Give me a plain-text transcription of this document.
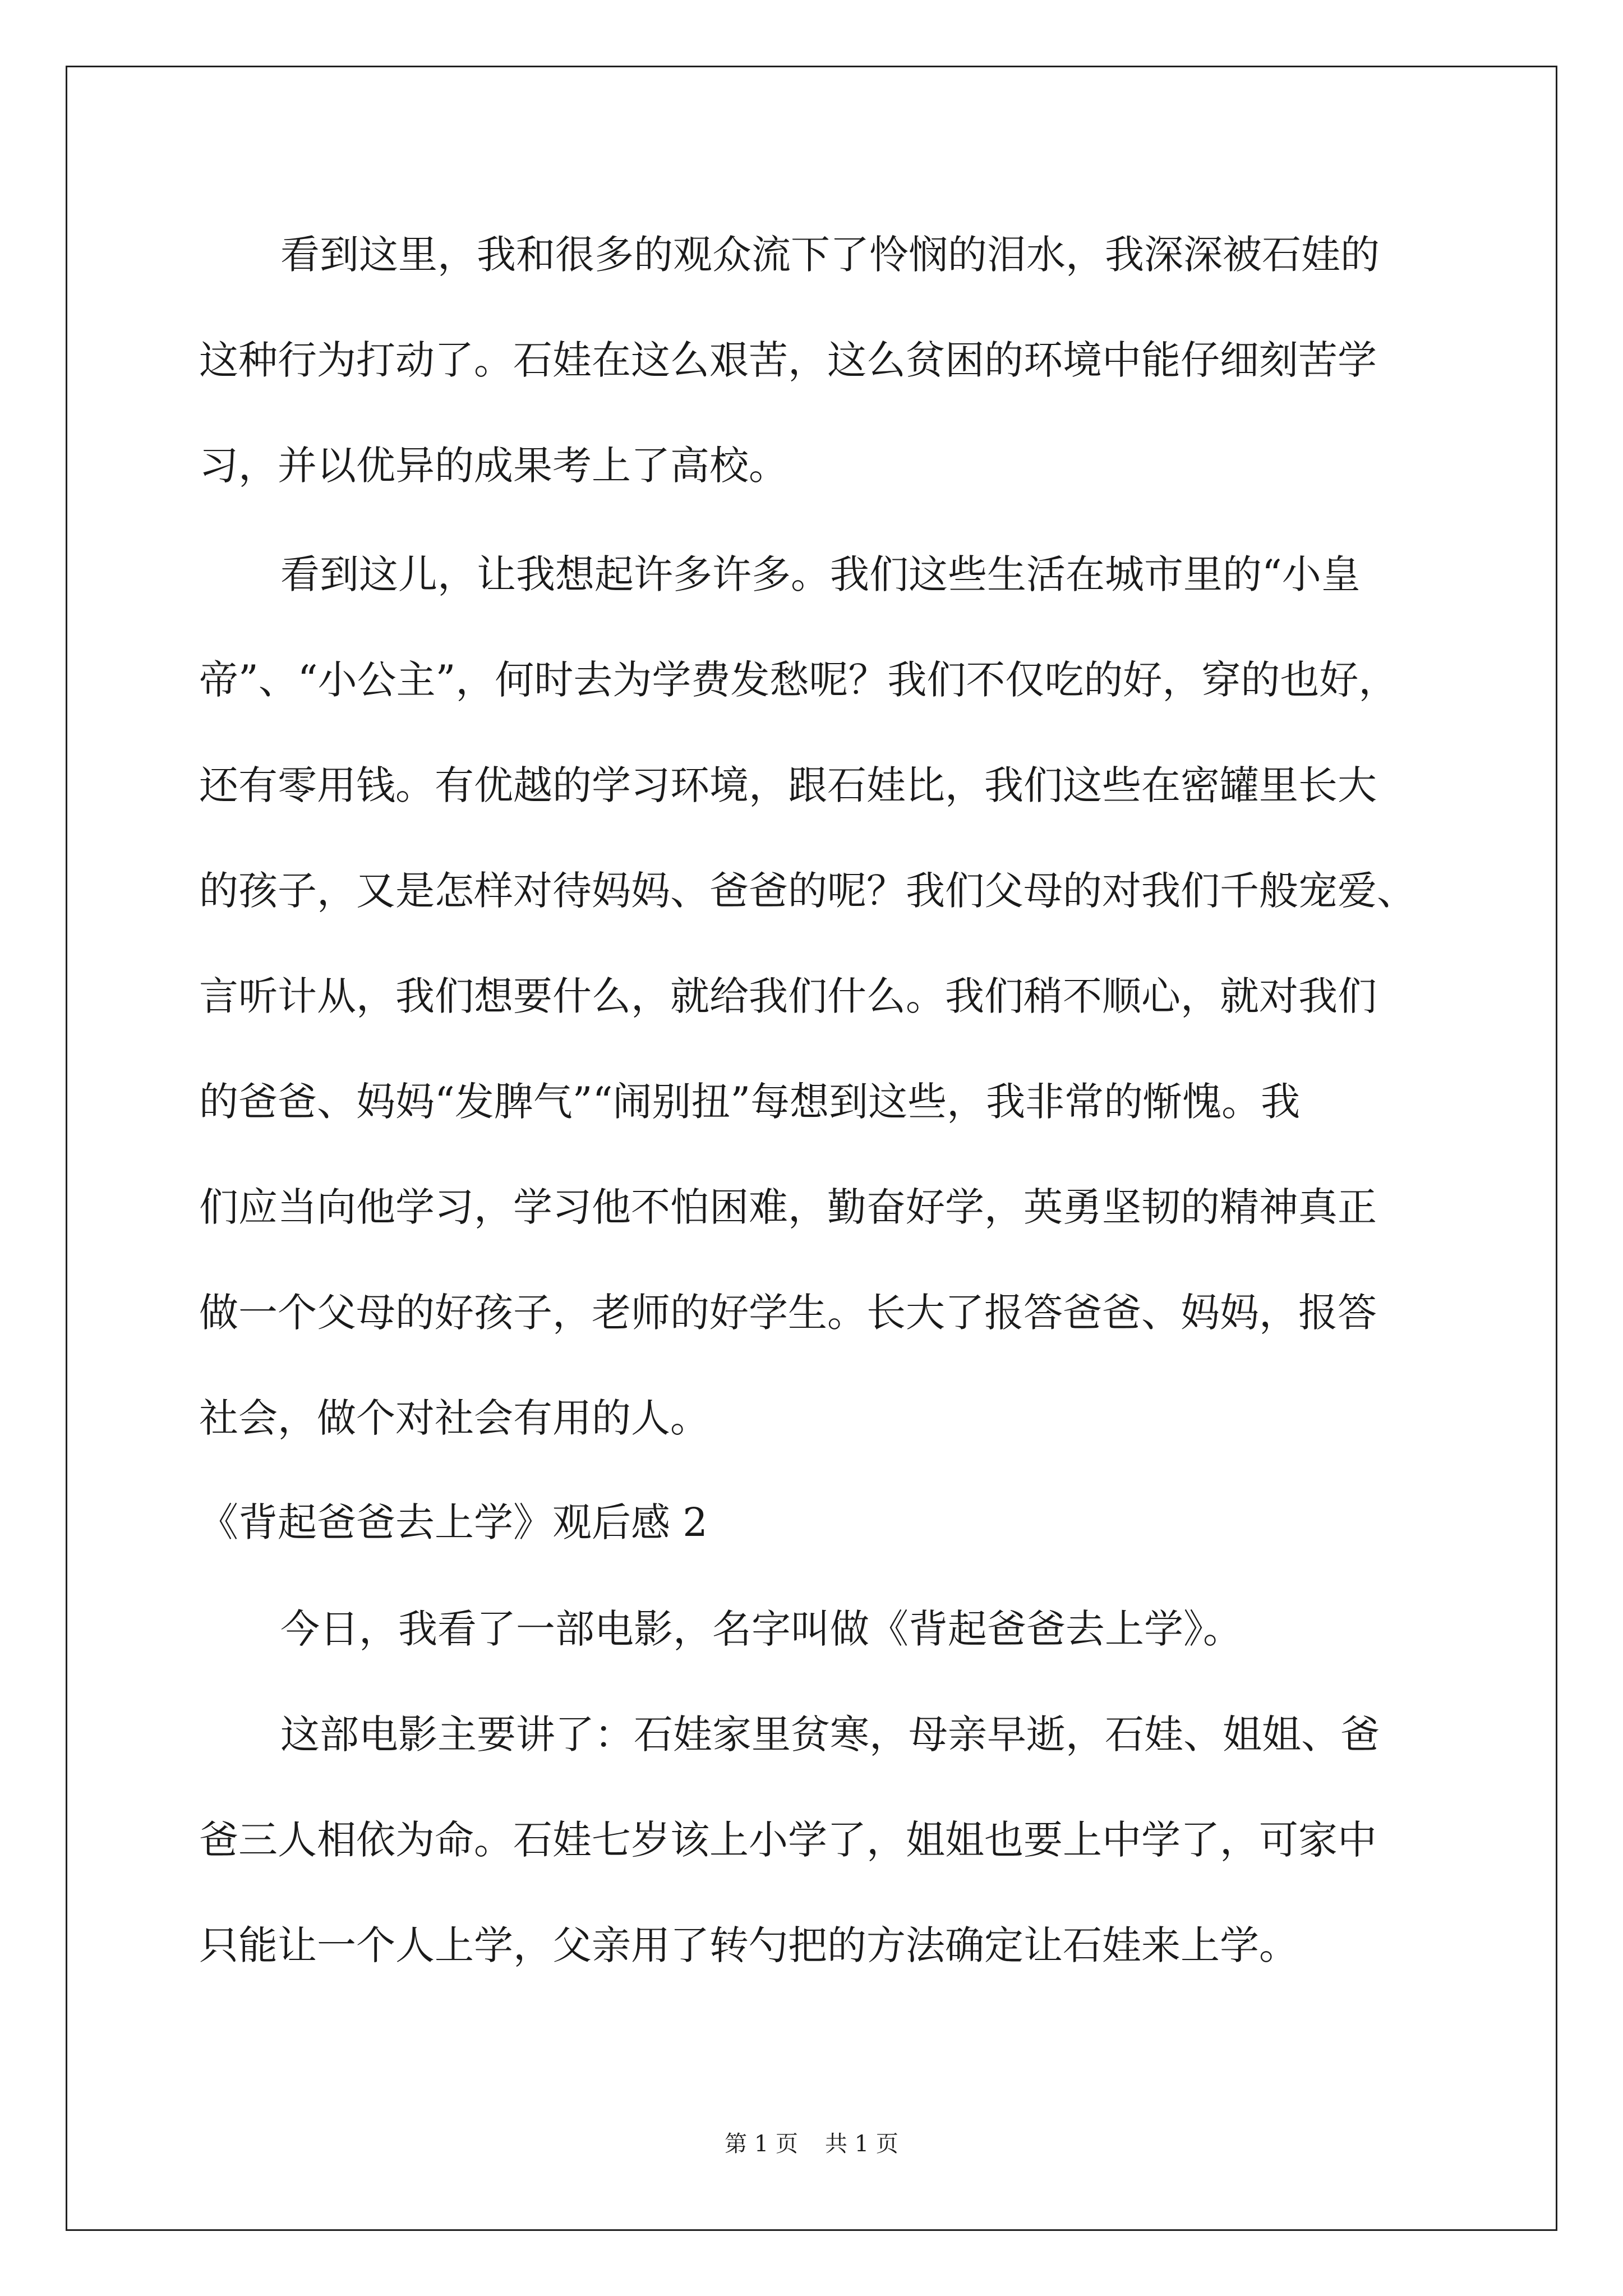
看到这里，我和很多的观众流下了怜悯的泪水，我深深被石娃的
这种行为打动了。石娃在这么艰苦，这么贫困的环境中能仔细刻苦学
习，并以优异的成果考上了高校。
看到这儿，让我想起许多许多。我们这些生活在城市里的“小皇
帝”、“小公主”，何时去为学费发愁呢？我们不仅吃的好，穿的也好，
还有零用钱。有优越的学习环境，跟石娃比，我们这些在密罐里长大
的孩子，又是怎样对待妈妈、爸爸的呢？我们父母的对我们千般宠爱、
言听计从，我们想要什么，就给我们什么。我们稍不顺心，就对我们
的爸爸、妈妈“发脾气”“闹别扭”每想到这些，我非常的惭愧。我
们应当向他学习，学习他不怕困难，勤奋好学，英勇坚韧的精神真正
做一个父母的好孩子，老师的好学生。长大了报答爸爸、妈妈，报答
社会，做个对社会有用的人。
《背起爸爸去上学》观后感 2
今日，我看了一部电影，名字叫做《背起爸爸去上学》。
这部电影主要讲了：石娃家里贫寒，母亲早逝，石娃、姐姐、爸
爸三人相依为命。石娃七岁该上小学了，姐姐也要上中学了，可家中
只能让一个人上学，父亲用了转勺把的方法确定让石娃来上学。
第 1 页 共 1 页
